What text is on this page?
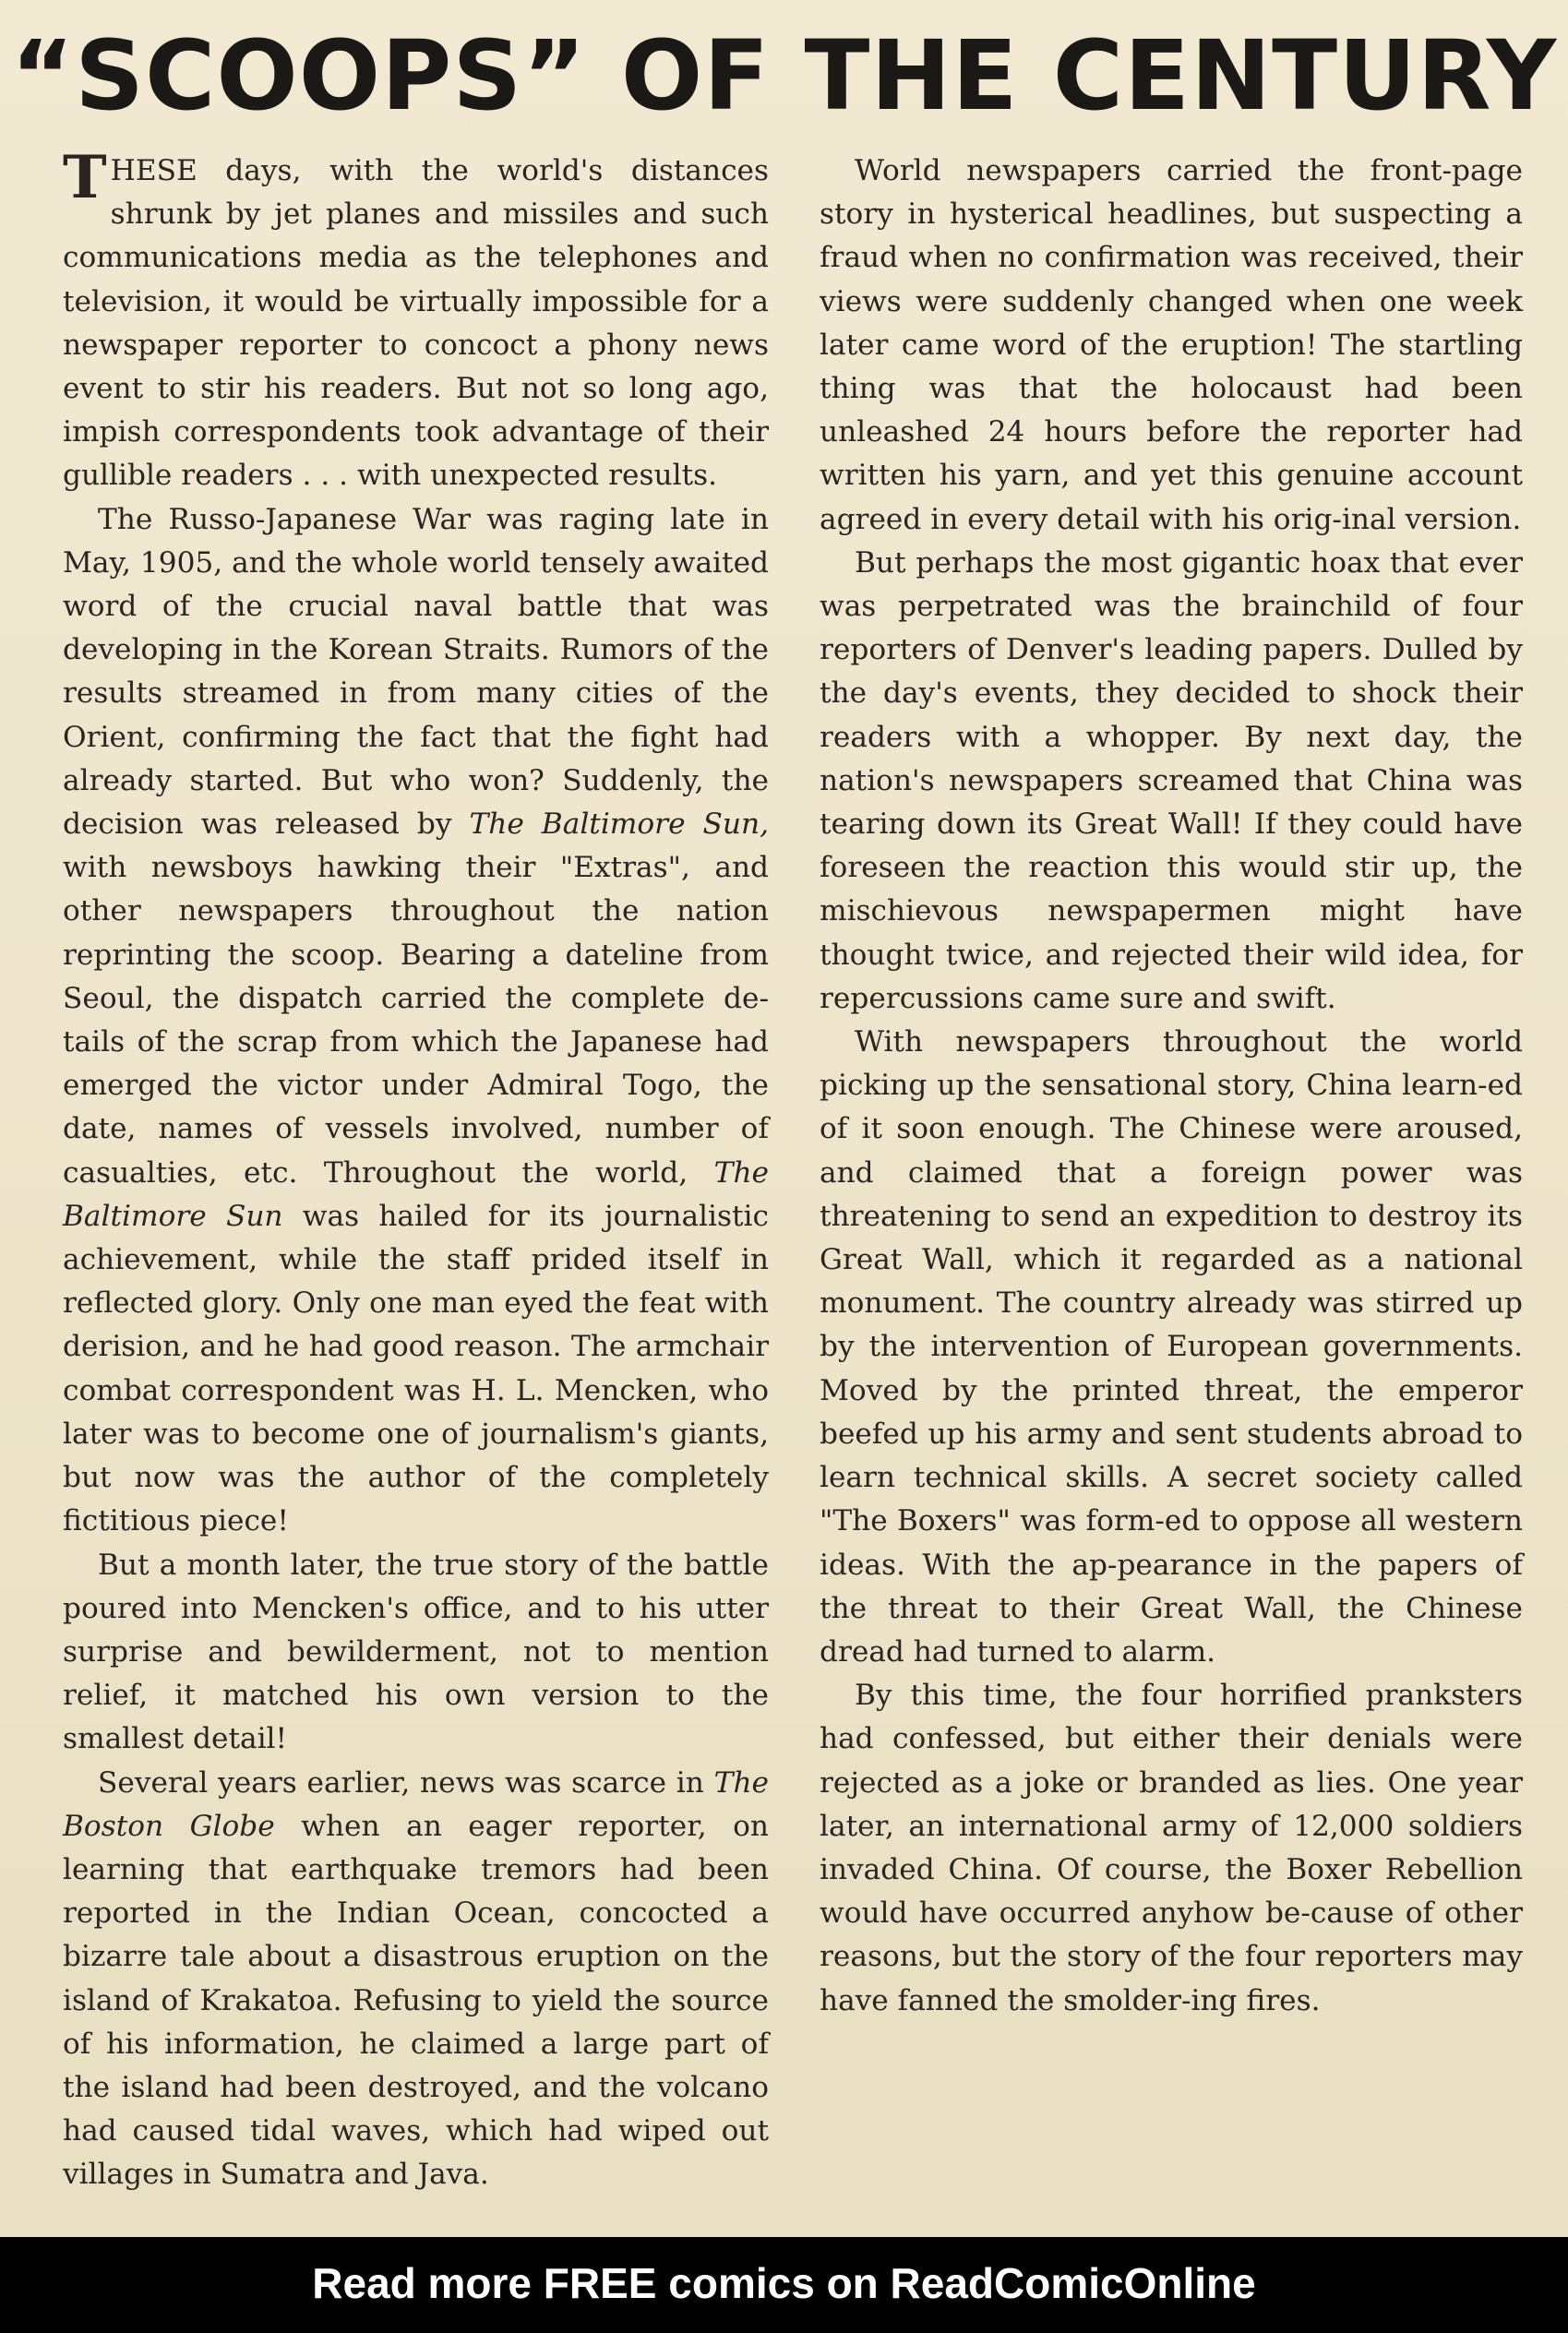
“SCOOPS” OF THE CENTURY

THESE days, with the world's distances shrunk by jet planes and missiles and such communications media as the telephones and television, it would be virtually impossible for a newspaper reporter to concoct a phony news event to stir his readers. But not so long ago, impish correspondents took advantage of their gullible readers . . . with unexpected results.

The Russo-Japanese War was raging late in May, 1905, and the whole world tensely awaited word of the crucial naval battle that was developing in the Korean Straits. Rumors of the results streamed in from many cities of the Orient, confirming the fact that the fight had already started. But who won? Suddenly, the decision was released by The Baltimore Sun, with newsboys hawking their "Extras", and other newspapers throughout the nation reprinting the scoop. Bearing a dateline from Seoul, the dispatch carried the complete de-tails of the scrap from which the Japanese had emerged the victor under Admiral Togo, the date, names of vessels involved, number of casualties, etc. Throughout the world, The Baltimore Sun was hailed for its journalistic achievement, while the staff prided itself in reflected glory. Only one man eyed the feat with derision, and he had good reason. The armchair combat correspondent was H. L. Mencken, who later was to become one of journalism's giants, but now was the author of the completely fictitious piece!

But a month later, the true story of the battle poured into Mencken's office, and to his utter surprise and bewilderment, not to mention relief, it matched his own version to the smallest detail!

Several years earlier, news was scarce in The Boston Globe when an eager reporter, on learning that earthquake tremors had been reported in the Indian Ocean, concocted a bizarre tale about a disastrous eruption on the island of Krakatoa. Refusing to yield the source of his information, he claimed a large part of the island had been destroyed, and the volcano had caused tidal waves, which had wiped out villages in Sumatra and Java.

World newspapers carried the front-page story in hysterical headlines, but suspecting a fraud when no confirmation was received, their views were suddenly changed when one week later came word of the eruption! The startling thing was that the holocaust had been unleashed 24 hours before the reporter had written his yarn, and yet this genuine account agreed in every detail with his orig-inal version.

But perhaps the most gigantic hoax that ever was perpetrated was the brainchild of four reporters of Denver's leading papers. Dulled by the day's events, they decided to shock their readers with a whopper. By next day, the nation's newspapers screamed that China was tearing down its Great Wall! If they could have foreseen the reaction this would stir up, the mischievous newspapermen might have thought twice, and rejected their wild idea, for repercussions came sure and swift.

With newspapers throughout the world picking up the sensational story, China learn-ed of it soon enough. The Chinese were aroused, and claimed that a foreign power was threatening to send an expedition to destroy its Great Wall, which it regarded as a national monument. The country already was stirred up by the intervention of European governments. Moved by the printed threat, the emperor beefed up his army and sent students abroad to learn technical skills. A secret society called "The Boxers" was form-ed to oppose all western ideas. With the ap-pearance in the papers of the threat to their Great Wall, the Chinese dread had turned to alarm.

By this time, the four horrified pranksters had confessed, but either their denials were rejected as a joke or branded as lies. One year later, an international army of 12,000 soldiers invaded China. Of course, the Boxer Rebellion would have occurred anyhow be-cause of other reasons, but the story of the four reporters may have fanned the smolder-ing fires.

Read more FREE comics on ReadComicOnline
